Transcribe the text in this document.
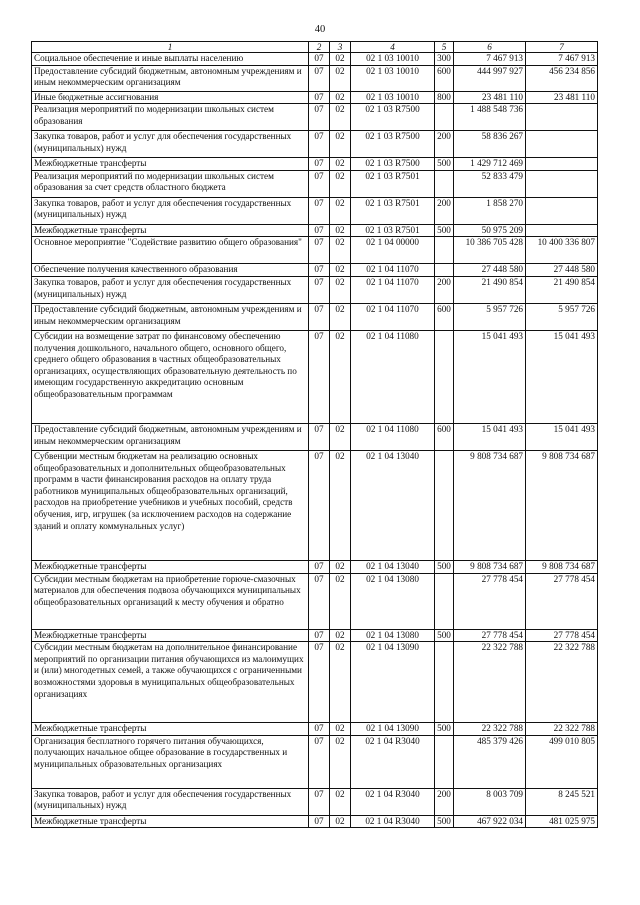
40
1	2	3	4	5	6	7
Социальное обеспечение и иные выплаты населению	07	02	02 1 03 10010	300	7 467 913	7 467 913
Предоставление субсидий бюджетным, автономным учреждениям и иным некоммерческим организациям	07	02	02 1 03 10010	600	444 997 927	456 234 856
Иные бюджетные ассигнования	07	02	02 1 03 10010	800	23 481 110	23 481 110
Реализация мероприятий по модернизации школьных систем образования	07	02	02 1 03 R7500		1 488 548 736	
Закупка товаров, работ и услуг для обеспечения государственных (муниципальных) нужд	07	02	02 1 03 R7500	200	58 836 267	
Межбюджетные трансферты	07	02	02 1 03 R7500	500	1 429 712 469	
Реализация мероприятий по модернизации школьных систем образования за счет средств областного бюджета	07	02	02 1 03 R7501		52 833 479	
Закупка товаров, работ и услуг для обеспечения государственных (муниципальных) нужд	07	02	02 1 03 R7501	200	1 858 270	
Межбюджетные трансферты	07	02	02 1 03 R7501	500	50 975 209	
Основное мероприятие "Содействие развитию общего образования"	07	02	02 1 04 00000		10 386 705 428	10 400 336 807
Обеспечение получения качественного образования	07	02	02 1 04 11070		27 448 580	27 448 580
Закупка товаров, работ и услуг для обеспечения государственных (муниципальных) нужд	07	02	02 1 04 11070	200	21 490 854	21 490 854
Предоставление субсидий бюджетным, автономным учреждениям и иным некоммерческим организациям	07	02	02 1 04 11070	600	5 957 726	5 957 726
Субсидии на возмещение затрат по финансовому обеспечению получения дошкольного, начального общего, основного общего, среднего общего образования в частных общеобразовательных организациях, осуществляющих образовательную деятельность по имеющим государственную аккредитацию основным общеобразовательным программам	07	02	02 1 04 11080		15 041 493	15 041 493
Предоставление субсидий бюджетным, автономным учреждениям и иным некоммерческим организациям	07	02	02 1 04 11080	600	15 041 493	15 041 493
Субвенции местным бюджетам на реализацию основных общеобразовательных и дополнительных общеобразовательных программ в части финансирования расходов на оплату труда работников муниципальных общеобразовательных организаций, расходов на приобретение учебников и учебных пособий, средств обучения, игр, игрушек (за исключением расходов на содержание зданий и оплату коммунальных услуг)	07	02	02 1 04 13040		9 808 734 687	9 808 734 687
Межбюджетные трансферты	07	02	02 1 04 13040	500	9 808 734 687	9 808 734 687
Субсидии местным бюджетам на приобретение горюче-смазочных материалов для обеспечения подвоза обучающихся муниципальных общеобразовательных организаций к месту обучения и обратно	07	02	02 1 04 13080		27 778 454	27 778 454
Межбюджетные трансферты	07	02	02 1 04 13080	500	27 778 454	27 778 454
Субсидии местным бюджетам на дополнительное финансирование мероприятий по организации питания обучающихся из малоимущих и (или) многодетных семей, а также обучающихся с ограниченными возможностями здоровья в муниципальных общеобразовательных организациях	07	02	02 1 04 13090		22 322 788	22 322 788
Межбюджетные трансферты	07	02	02 1 04 13090	500	22 322 788	22 322 788
Организация бесплатного горячего питания обучающихся, получающих начальное общее образование в государственных и муниципальных образовательных организациях	07	02	02 1 04 R3040		485 379 426	499 010 805
Закупка товаров, работ и услуг для обеспечения государственных (муниципальных) нужд	07	02	02 1 04 R3040	200	8 003 709	8 245 521
Межбюджетные трансферты	07	02	02 1 04 R3040	500	467 922 034	481 025 975
